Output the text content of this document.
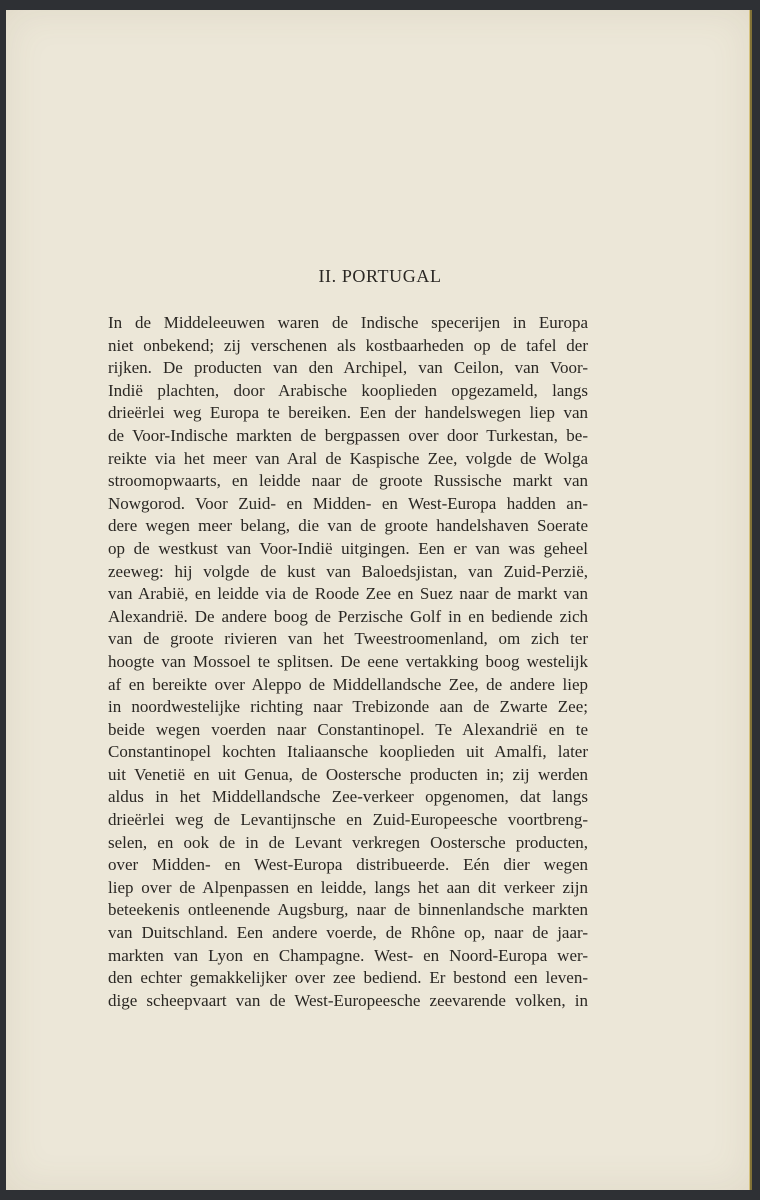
II. PORTUGAL
In de Middeleeuwen waren de Indische specerijen in Europa
niet onbekend; zij verschenen als kostbaarheden op de tafel der
rijken. De producten van den Archipel, van Ceilon, van Voor-
Indië plachten, door Arabische kooplieden opgezameld, langs
drieërlei weg Europa te bereiken. Een der handelswegen liep van
de Voor-Indische markten de bergpassen over door Turkestan, be-
reikte via het meer van Aral de Kaspische Zee, volgde de Wolga
stroomopwaarts, en leidde naar de groote Russische markt van
Nowgorod. Voor Zuid- en Midden- en West-Europa hadden an-
dere wegen meer belang, die van de groote handelshaven Soerate
op de westkust van Voor-Indië uitgingen. Een er van was geheel
zeeweg: hij volgde de kust van Baloedsjistan, van Zuid-Perzië,
van Arabië, en leidde via de Roode Zee en Suez naar de markt van
Alexandrië. De andere boog de Perzische Golf in en bediende zich
van de groote rivieren van het Tweestroomenland, om zich ter
hoogte van Mossoel te splitsen. De eene vertakking boog westelijk
af en bereikte over Aleppo de Middellandsche Zee, de andere liep
in noordwestelijke richting naar Trebizonde aan de Zwarte Zee;
beide wegen voerden naar Constantinopel. Te Alexandrië en te
Constantinopel kochten Italiaansche kooplieden uit Amalfi, later
uit Venetië en uit Genua, de Oostersche producten in; zij werden
aldus in het Middellandsche Zee-verkeer opgenomen, dat langs
drieërlei weg de Levantijnsche en Zuid-Europeesche voortbreng-
selen, en ook de in de Levant verkregen Oostersche producten,
over Midden- en West-Europa distribueerde. Eén dier wegen
liep over de Alpenpassen en leidde, langs het aan dit verkeer zijn
beteekenis ontleenende Augsburg, naar de binnenlandsche markten
van Duitschland. Een andere voerde, de Rhône op, naar de jaar-
markten van Lyon en Champagne. West- en Noord-Europa wer-
den echter gemakkelijker over zee bediend. Er bestond een leven-
dige scheepvaart van de West-Europeesche zeevarende volken, in
